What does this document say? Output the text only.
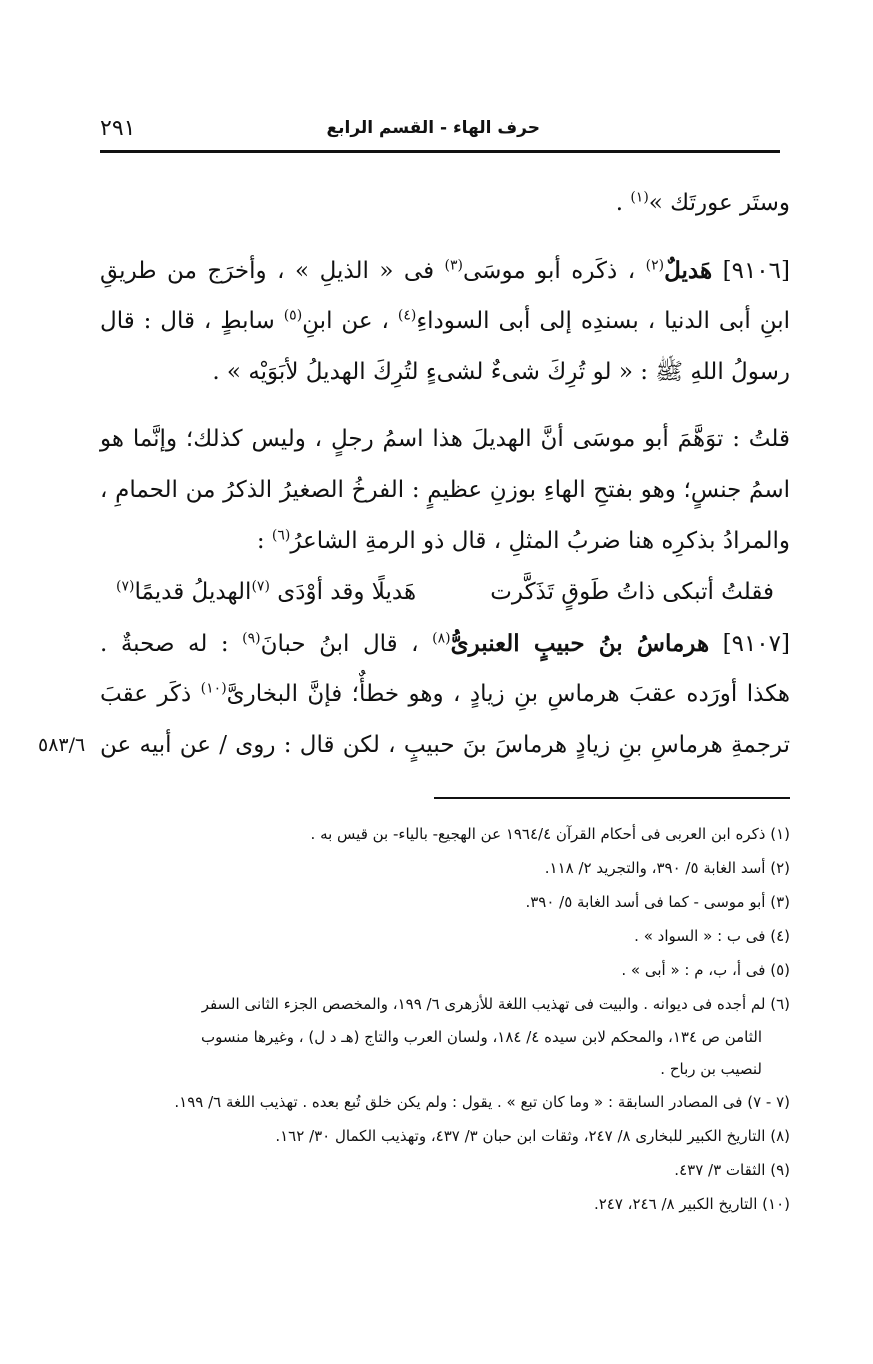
حرف الهاء - القسم الرابع
٢٩١
وستَر عورتَك »$^{(١)}$ .
[٩١٠٦] هَديلٌ$^{(٢)}$ ، ذكَره أبو موسَى$^{(٣)}$ فى « الذيلِ » ، وأخرَج من طريقِ
ابنِ أبى الدنيا ، بسندِه إلى أبى السوداءِ$^{(٤)}$ ، عن ابنِ$^{(٥)}$ سابطٍ ، قال : قال
رسولُ اللهِ ﷺ : « لو تُرِكَ شىءٌ لشىءٍ لتُرِكَ الهديلُ لأبَوَيْه » .
قلتُ : توَهَّمَ أبو موسَى أنَّ الهديلَ هذا اسمُ رجلٍ ، وليس كذلك؛ وإنَّما هو
اسمُ جنسٍ؛ وهو بفتحِ الهاءِ بوزنِ عظيمٍ : الفرخُ الصغيرُ الذكرُ من الحمامِ ،
والمرادُ بذكرِه هنا ضربُ المثلِ ، قال ذو الرمةِ الشاعرُ$^{(٦)}$ :
فقلتُ أتبكى ذاتُ طَوقٍ تَذَكَّرت
هَديلًا وقد أوْدَى $^{(٧)}$الهديلُ قديمًا$^{(٧)}$
[٩١٠٧] هرماسُ بنُ حبيبٍ العنبرىُّ$^{(٨)}$ ، قال ابنُ حبانَ$^{(٩)}$ : له صحبةٌ .
هكذا أورَده عقبَ هرماسِ بنِ زيادٍ ، وهو خطأٌ؛ فإنَّ البخارىَّ$^{(١٠)}$ ذكَر عقبَ
ترجمةِ هرماسِ بنِ زيادٍ هرماسَ بنَ حبيبٍ ، لكن قال : روى / عن أبيه عن
٥٨٣/٦
(١) ذكره ابن العربى فى أحكام القرآن ١٩٦٤/٤ عن الهجيع- بالياء- بن قيس به .
(٢) أسد الغابة ٥/ ٣٩٠، والتجريد ٢/ ١١٨.
(٣) أبو موسى - كما فى أسد الغابة ٥/ ٣٩٠.
(٤) فى ب : « السواد » .
(٥) فى أ، ب، م : « أبى » .
(٦) لم أجده فى ديوانه . والبيت فى تهذيب اللغة للأزهرى ٦/ ١٩٩، والمخصص الجزء الثانى السفر
الثامن ص ١٣٤، والمحكم لابن سيده ٤/ ١٨٤، ولسان العرب والتاج (هـ د ل) ، وغيرها منسوب
لنصيب بن رباح .
(٧ - ٧) فى المصادر السابقة : « وما كان تبع » . يقول : ولم يكن خلق تُبع بعده . تهذيب اللغة ٦/ ١٩٩.
(٨) التاريخ الكبير للبخارى ٨/ ٢٤٧، وثقات ابن حبان ٣/ ٤٣٧، وتهذيب الكمال ٣٠/ ١٦٢.
(٩) الثقات ٣/ ٤٣٧.
(١٠) التاريخ الكبير ٨/ ٢٤٦، ٢٤٧.
